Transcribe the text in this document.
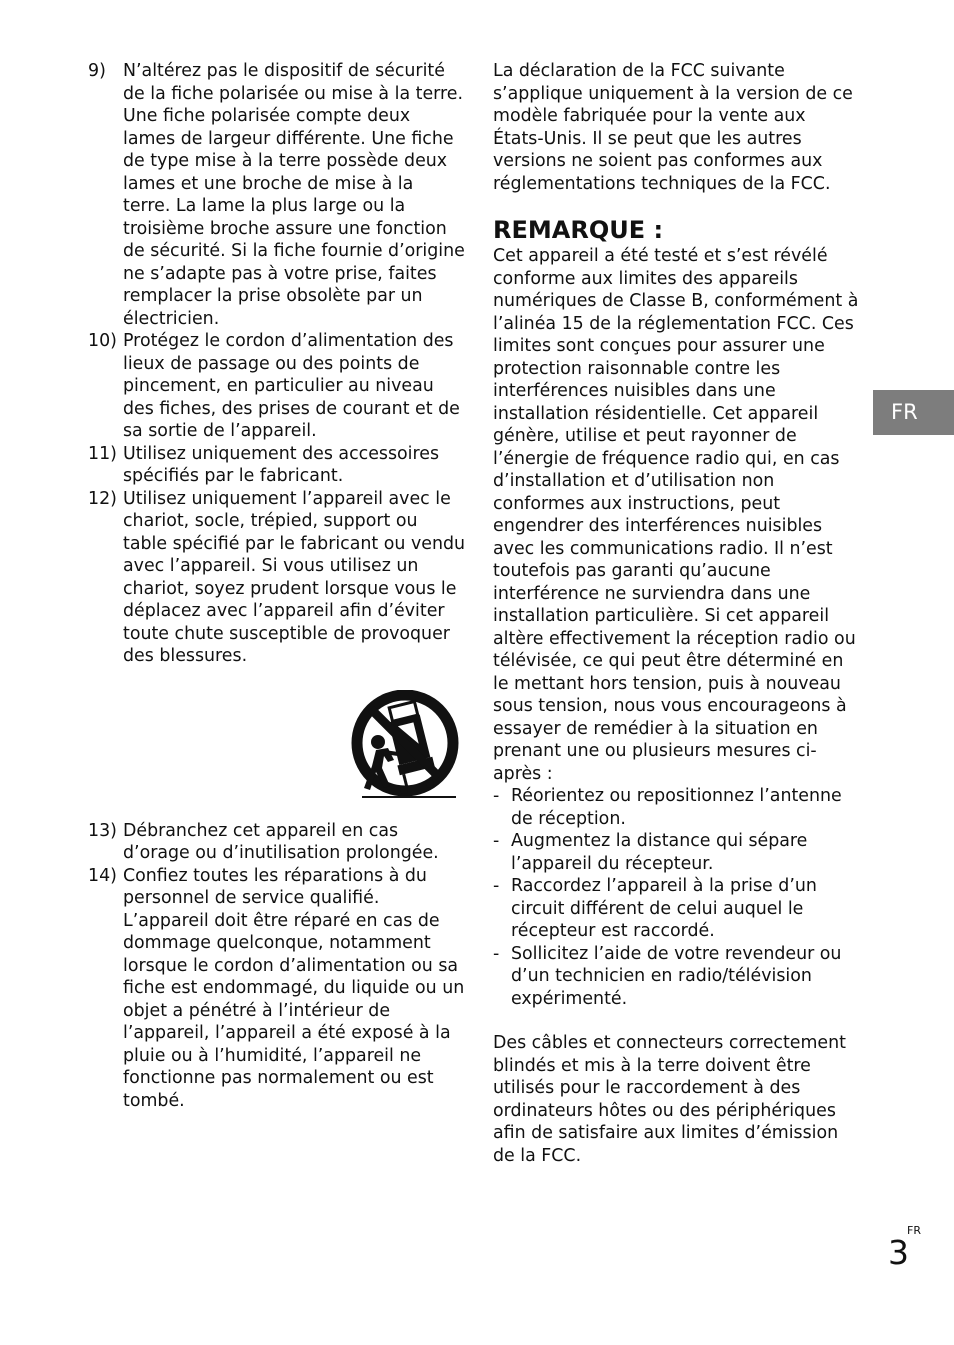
9) N’altérez pas le dispositif de sécurité de la fiche polarisée ou mise à la terre. Une fiche polarisée compte deux lames de largeur différente. Une fiche de type mise à la terre possède deux lames et une broche de mise à la terre. La lame la plus large ou la troisième broche assure une fonction de sécurité. Si la fiche fournie d’origine ne s’adapte pas à votre prise, faites remplacer la prise obsolète par un électricien.
10) Protégez le cordon d’alimentation des lieux de passage ou des points de pincement, en particulier au niveau des fiches, des prises de courant et de sa sortie de l’appareil.
11) Utilisez uniquement des accessoires spécifiés par le fabricant.
12) Utilisez uniquement l’appareil avec le chariot, socle, trépied, support ou table spécifié par le fabricant ou vendu avec l’appareil. Si vous utilisez un chariot, soyez prudent lorsque vous le déplacez avec l’appareil afin d’éviter toute chute susceptible de provoquer des blessures.
13) Débranchez cet appareil en cas d’orage ou d’inutilisation prolongée.
14) Confiez toutes les réparations à du personnel de service qualifié. L’appareil doit être réparé en cas de dommage quelconque, notamment lorsque le cordon d’alimentation ou sa fiche est endommagé, du liquide ou un objet a pénétré à l’intérieur de l’appareil, l’appareil a été exposé à la pluie ou à l’humidité, l’appareil ne fonctionne pas normalement ou est tombé.

La déclaration de la FCC suivante s’applique uniquement à la version de ce modèle fabriquée pour la vente aux États-Unis. Il se peut que les autres versions ne soient pas conformes aux réglementations techniques de la FCC.

REMARQUE :

Cet appareil a été testé et s’est révélé conforme aux limites des appareils numériques de Classe B, conformément à l’alinéa 15 de la réglementation FCC. Ces limites sont conçues pour assurer une protection raisonnable contre les interférences nuisibles dans une installation résidentielle. Cet appareil génère, utilise et peut rayonner de l’énergie de fréquence radio qui, en cas d’installation et d’utilisation non conformes aux instructions, peut engendrer des interférences nuisibles avec les communications radio. Il n’est toutefois pas garanti qu’aucune interférence ne surviendra dans une installation particulière. Si cet appareil altère effectivement la réception radio ou télévisée, ce qui peut être déterminé en le mettant hors tension, puis à nouveau sous tension, nous vous encourageons à essayer de remédier à la situation en prenant une ou plusieurs mesures ci-après :

- Réorientez ou repositionnez l’antenne de réception.
- Augmentez la distance qui sépare l’appareil du récepteur.
- Raccordez l’appareil à la prise d’un circuit différent de celui auquel le récepteur est raccordé.
- Sollicitez l’aide de votre revendeur ou d’un technicien en radio/télévision expérimenté.

Des câbles et connecteurs correctement blindés et mis à la terre doivent être utilisés pour le raccordement à des ordinateurs hôtes ou des périphériques afin de satisfaire aux limites d’émission de la FCC.

FR
3
FR
